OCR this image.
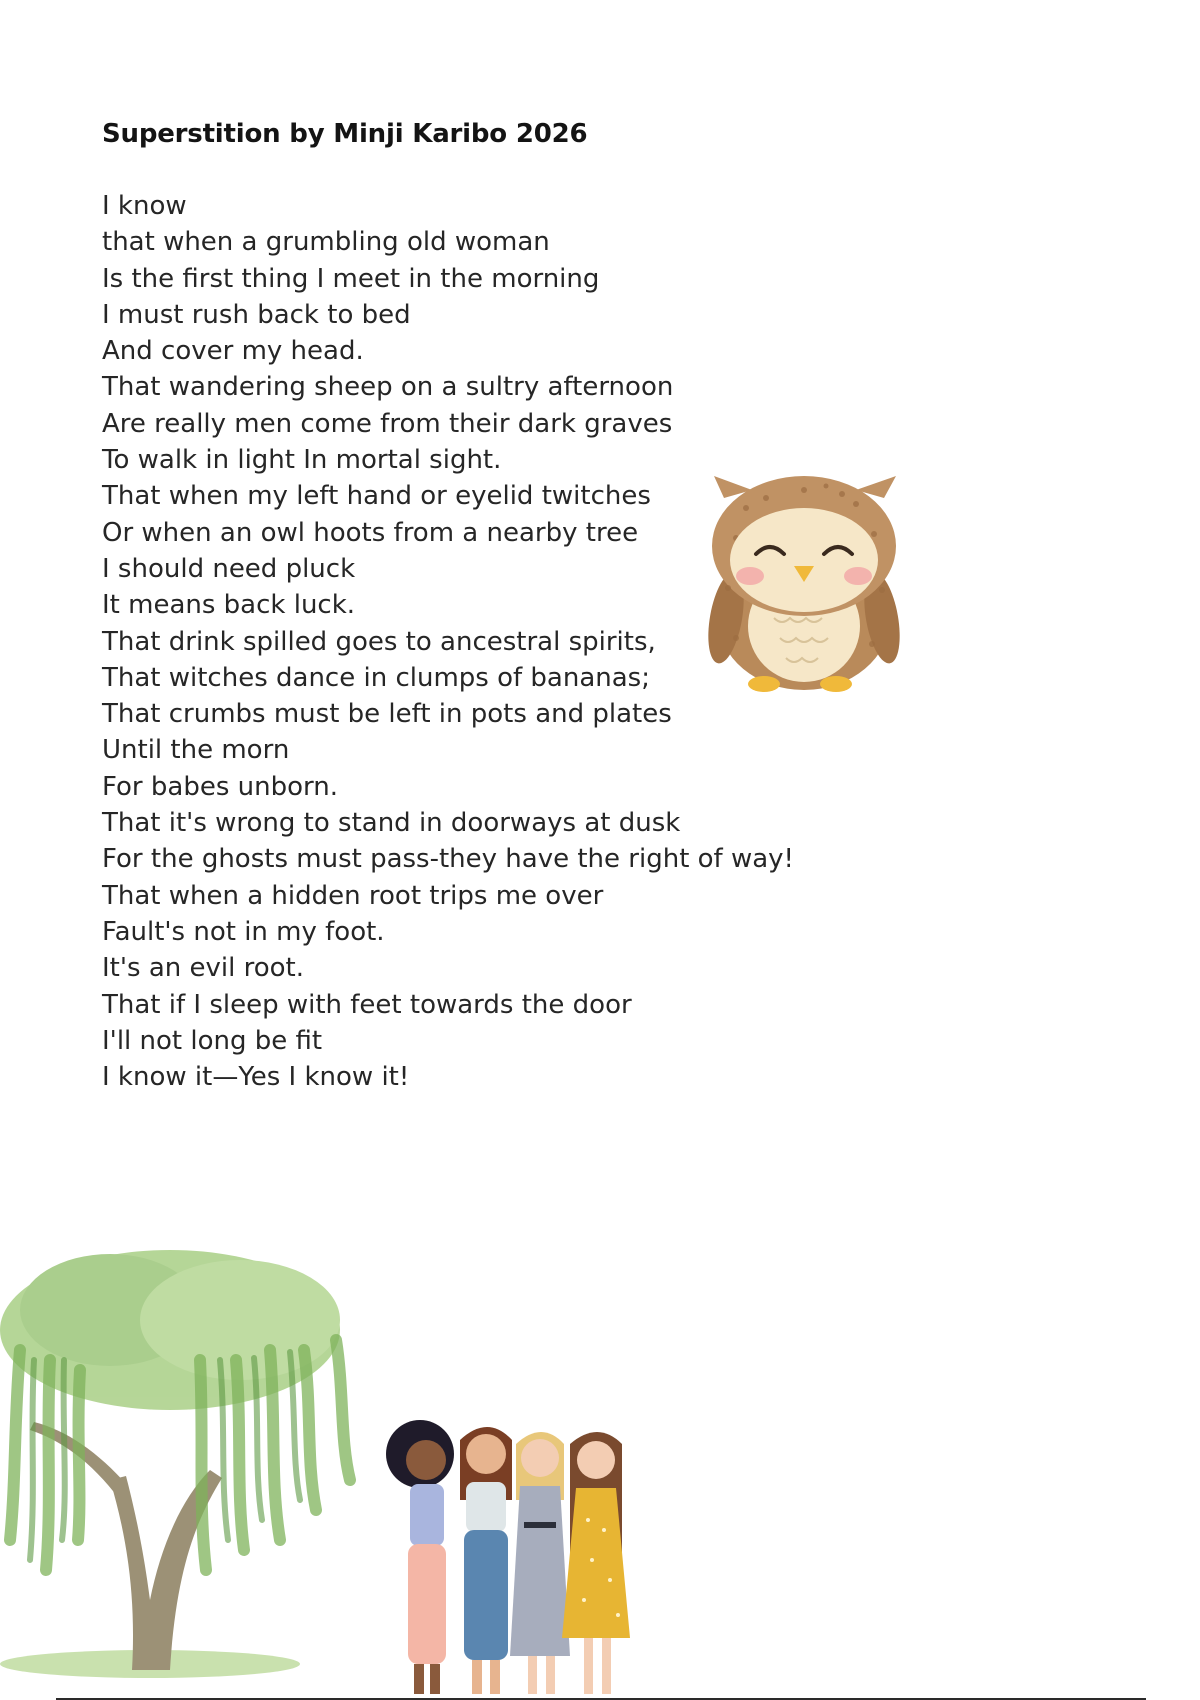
Superstition by Minji Karibo 2026
I know
that when a grumbling old woman
Is the first thing I meet in the morning
I must rush back to bed
And cover my head.
That wandering sheep on a sultry afternoon
Are really men come from their dark graves
To walk in light In mortal sight.
That when my left hand or eyelid twitches
Or when an owl hoots from a nearby tree
I should need pluck
It means back luck.
That drink spilled goes to ancestral spirits,
That witches dance in clumps of bananas;
That crumbs must be left in pots and plates
Until the morn
For babes unborn.
That it's wrong to stand in doorways at dusk
For the ghosts must pass-they have the right of way!
That when a hidden root trips me over
Fault's not in my foot.
It's an evil root.
That if I sleep with feet towards the door
I'll not long be fit
I know it—Yes I know it!
